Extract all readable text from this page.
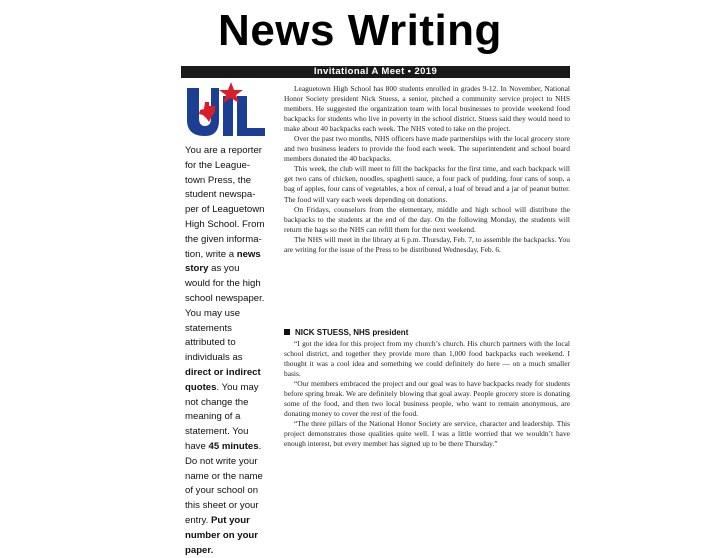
News Writing
Invitational A Meet • 2019
You are a reporter for the Leaguetown Press, the student newspaper of Leaguetown High School. From the given information, write a news story as you would for the high school newspaper. You may use statements attributed to individuals as direct or indirect quotes. You may not change the meaning of a statement. You have 45 minutes. Do not write your name or the name of your school on this sheet or your entry. Put your number on your paper.

Leaguetown High School has 800 students enrolled in grades 9-12. In November, National Honor Society president Nick Stuess, a senior, pitched a community service project to NHS members. He suggested the organization team with local businesses to provide weekend food backpacks for students who live in poverty in the school district. Stuess said they would need to make about 40 backpacks each week. The NHS voted to take on the project.

Over the past two months, NHS officers have made partnerships with the local grocery store and two business leaders to provide the food each week. The superintendent and school board members donated the 40 backpacks.

This week, the club will meet to fill the backpacks for the first time, and each backpack will get two cans of chicken, noodles, spaghetti sauce, a four pack of pudding, four cans of soup, a bag of apples, four cans of vegetables, a box of cereal, a loaf of bread and a jar of peanut butter. The food will vary each week depending on donations.

On Fridays, counselors from the elementary, middle and high school will distribute the backpacks to the students at the end of the day. On the following Monday, the students will return the bags so the NHS can refill them for the next weekend.

The NHS will meet in the library at 6 p.m. Thursday, Feb. 7, to assemble the backpacks. You are writing for the issue of the Press to be distributed Wednesday, Feb. 6.

NICK STUESS, NHS president

“I got the idea for this project from my church’s church. His church partners with the local school district, and together they provide more than 1,000 food backpacks each weekend. I thought it was a cool idea and something we could definitely do here — on a much smaller basis.

“Our members embraced the project and our goal was to have backpacks ready for students before spring break. We are definitely blowing that goal away. People grocery store is donating some of the food, and then two local business people, who want to remain anonymous, are donating money to cover the rest of the food.

“The three pillars of the National Honor Society are service, character and leadership. This project demonstrates those qualities quite well. I was a little worried that we wouldn’t have enough interest, but every member has signed up to be there Thursday.”
